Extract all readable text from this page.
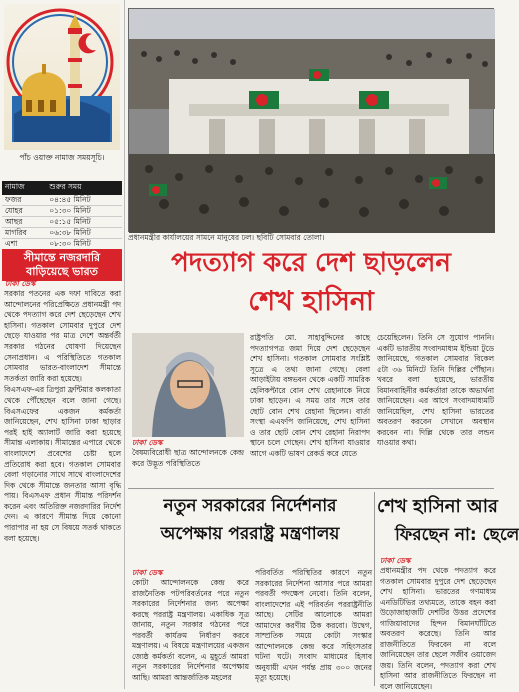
পাঁচ ওয়াক্ত নামাজ সময়সূচি।
নামাজ	শুরুর সময়
ফজর	০৪:৪৫ মিনিট
যোহর	০১:৩০ মিনিট
আছর	০৫:১৫ মিনিট
মাগরিব	০৬:৩৮ মিনিট
এশা	০৮:৩০ মিনিট
সীমান্তে নজরদারি
বাড়িয়েছে ভারত
ঢাকা ডেস্ক

সরকার পতনের এক দফা দাবিতে করা আন্দোলনের পরিপ্রেক্ষিতে প্রধানমন্ত্রী পদ থেকে পদত্যাগ করে দেশ ছেড়েছেন শেখ হাসিনা। গতকাল সোমবার দুপুরে দেশ ছেড়ে যাওয়ার পর মাত্র দেশে অন্তর্বর্তী সরকার গঠনের ঘোষণা দিয়েছেন সেনাপ্রধান। এ পরিস্থিতিতে গতকাল সোমবার ভারত-বাংলাদেশ সীমান্তে সতর্কতা জারি করা হয়েছে।

বিএসএফ-এর ত্রিপুরা ফ্রন্টিয়ার কলকাতা থেকে পৌঁছেছেন বলে জানা গেছে। বিএসএফের একজন কর্মকর্তা জানিয়েছেন, শেখ হাসিনা ঢাকা ছাড়ার পরই হাই অ্যালার্ট জারি করা হয়েছে সীমান্ত এলাকায়। সীমান্তের এপারে থেকে বাংলাদেশে প্রবেশের চেষ্টা হলে প্রতিরোধ করা হবে। গতকাল সোমবার বেলা গড়ানোর সাথে সাথে বাংলাদেশের দিক থেকে সীমান্তে জনতার আসা বৃদ্ধি পায়। বিএসএফ প্রধান সীমান্ত পরিদর্শন করেন এবং অতিরিক্ত নজরদারির নির্দেশ দেন। এ কারণে সীমান্ত দিয়ে কোনো পারাপার না হয় সে বিষয়ে সতর্ক থাকতে বলা হয়েছে।

প্রধানমন্ত্রীর কার্যালয়ের সামনে মানুষের ঢল। ছবিটি সোমবার তোলা।
পদত্যাগ করে দেশ ছাড়লেন
শেখ হাসিনা
ঢাকা ডেস্ক
বৈষম্যবিরোধী ছাত্র আন্দোলনকে কেন্দ্র করে উদ্ভূত পরিস্থিতিতে
রাষ্ট্রপতি মো. সাহাবুদ্দিনের কাছে পদত্যাগপত্র জমা দিয়ে দেশ ছেড়েছেন শেখ হাসিনা। গতকাল সোমবার সংশ্লিষ্ট সূত্রে এ তথ্য জানা গেছে। বেলা আড়াইটায় বঙ্গভবন থেকে একটি সামরিক হেলিকপ্টারে বোন শেখ রেহানাকে নিয়ে ঢাকা ছাড়েন। এ সময় তার সঙ্গে তার ছোট বোন শেখ রেহানা ছিলেন। বার্তা সংস্থা এএফপি জানিয়েছে, শেখ হাসিনা ও তার ছোট বোন শেখ রেহানা নিরাপদ স্থানে চলে গেছেন। শেখ হাসিনা যাওয়ার আগে একটি ভাষণ রেকর্ড করে যেতে
চেয়েছিলেন। তিনি সে সুযোগ পাননি। একটি ভারতীয় সংবাদমাধ্যম ইন্ডিয়া টুডে জানিয়েছে, গতকাল সোমবার বিকেল ৫টা ৩৬ মিনিটে তিনি দিল্লির পৌঁছান। খবরে বলা হয়েছে, ভারতীয় বিমানবাহিনীর কর্মকর্তারা তাকে অভ্যর্থনা জানিয়েছেন। এর আগে সংবাদমাধ্যমটি জানিয়েছিল, শেখ হাসিনা ভারতের অবতরণ করবেন সেখানে অবস্থান করবেন না। দিল্লি থেকে তার লন্ডন যাওয়ার কথা।
নতুন সরকারের নির্দেশনার
অপেক্ষায় পররাষ্ট্র মন্ত্রণালয়
ঢাকা ডেস্ক
কোটা আন্দোলনকে কেন্দ্র করে রাজনৈতিক পটপরিবর্তনের পরে নতুন সরকারের নির্দেশনার জন্য অপেক্ষা করছে পররাষ্ট্র মন্ত্রণালয়। একাধিক সূত্র জানায়, নতুন সরকার গঠনের পরে পরবর্তী কার্যক্রম নির্ধারণ করবে মন্ত্রণালয়। এ বিষয়ে মন্ত্রণালয়ের একজন জ্যেষ্ঠ কর্মকর্তা বলেন, এ মুহূর্তে আমরা নতুন সরকারের নির্দেশনার অপেক্ষায় আছি। আমরা আন্তর্জাতিক মহলের
পরিবর্তিত পরিস্থিতির কারণে নতুন সরকারের নির্দেশনা আসার পরে আমরা পরবর্তী পদক্ষেপ নেবো। তিনি বলেন, বাংলাদেশের এই পরিবর্তন পররাষ্ট্রনীতি আছে। সেটির আলোকে আমরা আমাদের করণীয় ঠিক করবো। উদ্বেগ, সাম্প্রতিক সময়ে কোটা সংস্কার আন্দোলনকে কেন্দ্র করে সহিংসতার ঘটনা ঘটে। সংবাদ মাধ্যমের হিসাব অনুযায়ী এখন পর্যন্ত প্রায় ৩০০ জনের মৃত্যু হয়েছে।
শেখ হাসিনা আর
ফিরছেন না: ছেলে
ঢাকা ডেস্ক
প্রধানমন্ত্রীর পদ থেকে পদত্যাগ করে গতকাল সোমবার দুপুরে দেশ ছেড়েছেন শেখ হাসিনা। ভারতের গণমাধ্যম এনডিটিভির তথ্যমতে, তাকে বহন করা উড়োজাহাজটি দেশটির উত্তর প্রদেশের গাজিয়াবাদের হিন্দন বিমানঘাঁটিতে অবতরণ করেছে। তিনি আর রাজনীতিতে ফিরবেন না বলে জানিয়েছেন তার ছেলে সজীব ওয়াজেদ জয়। তিনি বলেন, পদত্যাগ করা শেখ হাসিনা আর রাজনীতিতে ফিরছেন না বলে জানিয়েছেন।
